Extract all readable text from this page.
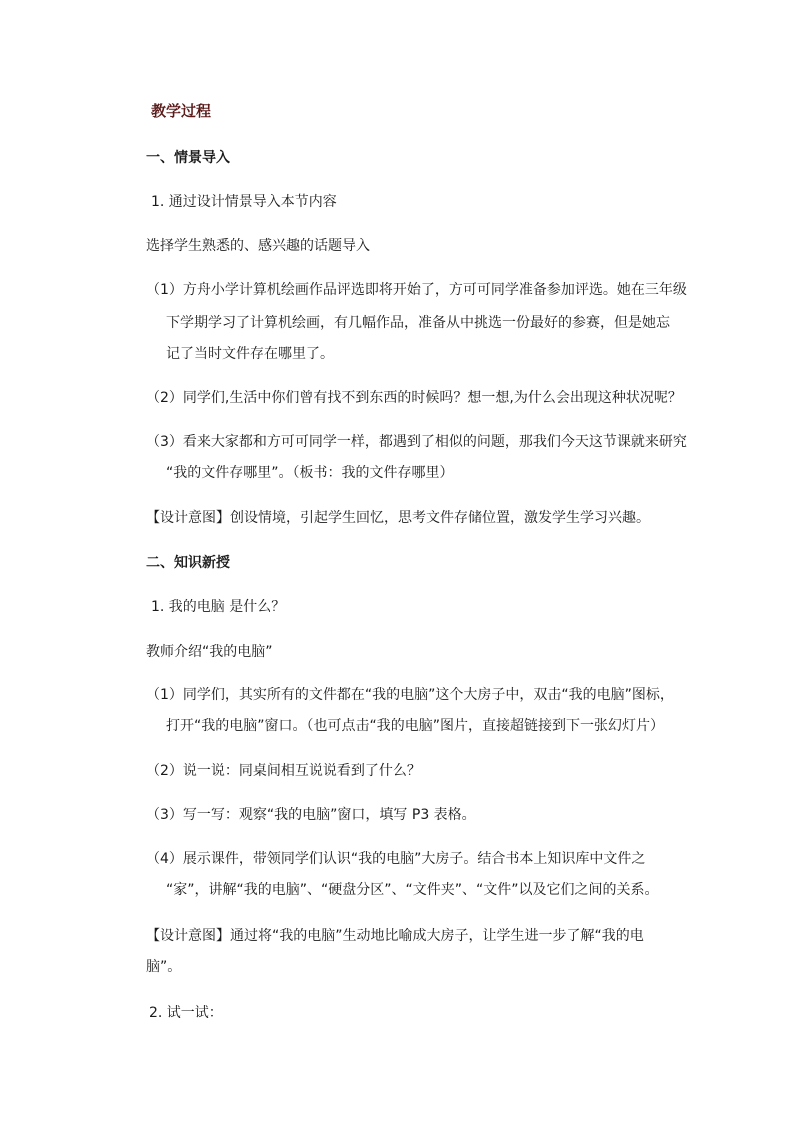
教学过程
一、情景导入
1. 通过设计情景导入本节内容
选择学生熟悉的、感兴趣的话题导入
（1）方舟小学计算机绘画作品评选即将开始了，方可可同学准备参加评选。她在三年级
下学期学习了计算机绘画，有几幅作品，准备从中挑选一份最好的参赛，但是她忘
记了当时文件存在哪里了。
（2）同学们,生活中你们曾有找不到东西的时候吗？想一想,为什么会出现这种状况呢？
（3）看来大家都和方可可同学一样，都遇到了相似的问题，那我们今天这节课就来研究
“我的文件存哪里”。（板书：我的文件存哪里）
【设计意图】创设情境，引起学生回忆，思考文件存储位置，激发学生学习兴趣。
二、知识新授
1. 我的电脑 是什么？
教师介绍“我的电脑”
（1）同学们，其实所有的文件都在“我的电脑”这个大房子中，双击“我的电脑”图标，
打开“我的电脑”窗口。（也可点击“我的电脑”图片，直接超链接到下一张幻灯片）
（2）说一说：同桌间相互说说看到了什么？
（3）写一写：观察“我的电脑”窗口，填写 P3 表格。
（4）展示课件，带领同学们认识“我的电脑”大房子。结合书本上知识库中文件之
“家”，讲解“我的电脑”、“硬盘分区”、“文件夹”、“文件”以及它们之间的关系。
【设计意图】通过将“我的电脑”生动地比喻成大房子，让学生进一步了解“我的电
脑”。
2. 试一试：
